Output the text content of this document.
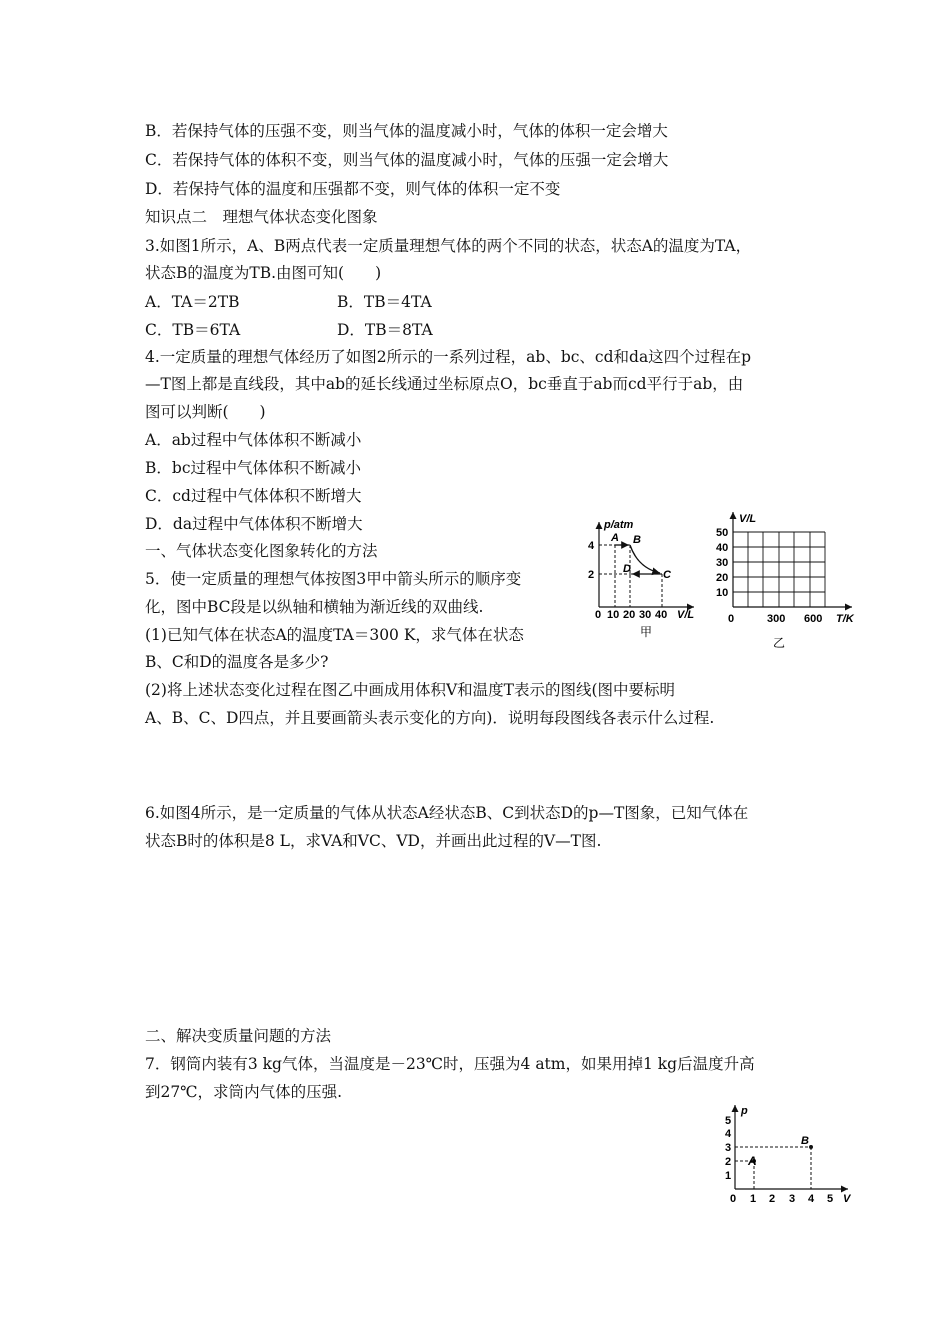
B．若保持气体的压强不变，则当气体的温度减小时，气体的体积一定会增大
C．若保持气体的体积不变，则当气体的温度减小时，气体的压强一定会增大
D．若保持气体的温度和压强都不变，则气体的体积一定不变
知识点二　理想气体状态变化图象
3.如图1所示，A、B两点代表一定质量理想气体的两个不同的状态，状态A的温度为TA，
状态B的温度为TB.由图可知(　　)
A．TA＝2TB	B．TB＝4TA
C．TB＝6TA	D．TB＝8TA
4.一定质量的理想气体经历了如图2所示的一系列过程，ab、bc、cd和da这四个过程在p
—T图上都是直线段，其中ab的延长线通过坐标原点O，bc垂直于ab而cd平行于ab，由
图可以判断(　　)
A．ab过程中气体体积不断减小
B．bc过程中气体体积不断减小
C．cd过程中气体体积不断增大
D．da过程中气体体积不断增大
一、气体状态变化图象转化的方法
5．使一定质量的理想气体按图3甲中箭头所示的顺序变
化，图中BC段是以纵轴和横轴为渐近线的双曲线.
(1)已知气体在状态A的温度TA＝300 K，求气体在状态
B、C和D的温度各是多少?
(2)将上述状态变化过程在图乙中画成用体积V和温度T表示的图线(图中要标明
A、B、C、D四点，并且要画箭头表示变化的方向)．说明每段图线各表示什么过程.
6.如图4所示，是一定质量的气体从状态A经状态B、C到状态D的p—T图象，已知气体在
状态B时的体积是8 L，求VA和VC、VD，并画出此过程的V—T图.
二、解决变质量问题的方法
7．钢筒内装有3 kg气体，当温度是－23℃时，压强为4 atm，如果用掉1 kg后温度升高
到27℃，求筒内气体的压强.
p/atm
V/L
4
2
0 10 20 30 40
A B
D	C
甲
V/L
T/K
50
40
30
20
10
0	300 600
乙
p
V
5
4
3
2
1
0 1 2 3 4 5
A
B
